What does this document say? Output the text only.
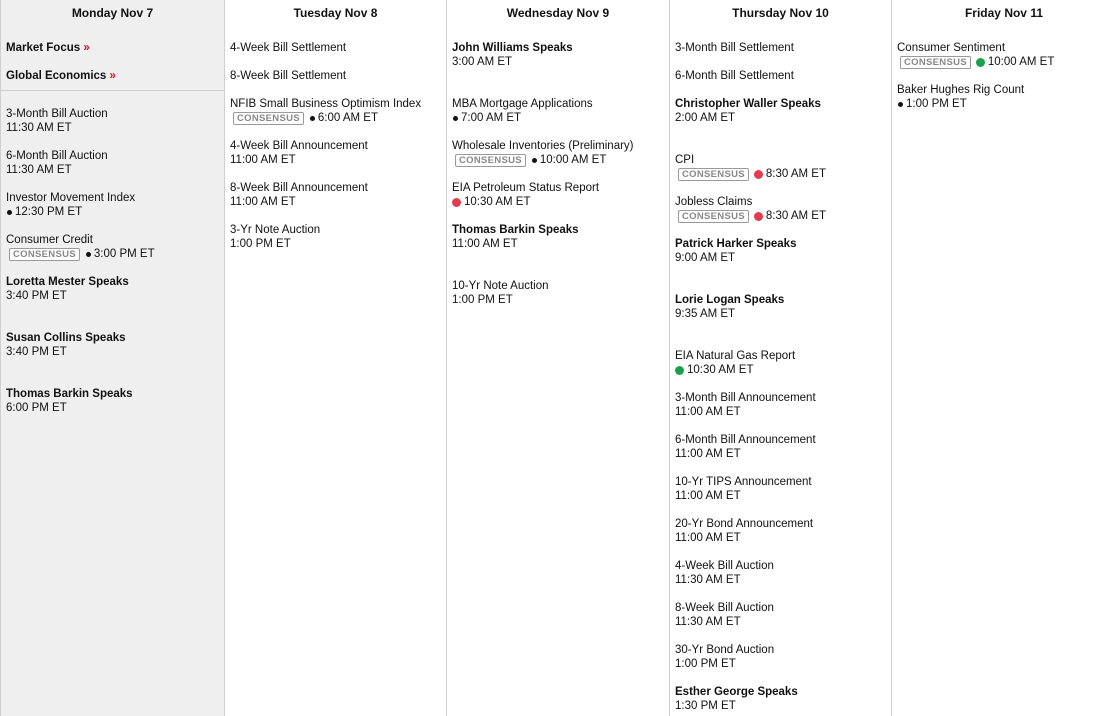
Monday Nov 7
Market Focus »
Global Economics »
3-Month Bill Auction
11:30 AM ET
6-Month Bill Auction
11:30 AM ET
Investor Movement Index
12:30 PM ET
Consumer Credit
CONSENSUS	3:00 PM ET
Loretta Mester Speaks
3:40 PM ET
Susan Collins Speaks
3:40 PM ET
Thomas Barkin Speaks
6:00 PM ET
Tuesday Nov 8
4-Week Bill Settlement
8-Week Bill Settlement
NFIB Small Business Optimism Index
CONSENSUS	6:00 AM ET
4-Week Bill Announcement
11:00 AM ET
8-Week Bill Announcement
11:00 AM ET
3-Yr Note Auction
1:00 PM ET
Wednesday Nov 9
John Williams Speaks
3:00 AM ET
MBA Mortgage Applications
7:00 AM ET
Wholesale Inventories (Preliminary)
CONSENSUS	10:00 AM ET
EIA Petroleum Status Report
10:30 AM ET
Thomas Barkin Speaks
11:00 AM ET
10-Yr Note Auction
1:00 PM ET
Thursday Nov 10
3-Month Bill Settlement
6-Month Bill Settlement
Christopher Waller Speaks
2:00 AM ET
CPI
CONSENSUS	8:30 AM ET
Jobless Claims
CONSENSUS	8:30 AM ET
Patrick Harker Speaks
9:00 AM ET
Lorie Logan Speaks
9:35 AM ET
EIA Natural Gas Report
10:30 AM ET
3-Month Bill Announcement
11:00 AM ET
6-Month Bill Announcement
11:00 AM ET
10-Yr TIPS Announcement
11:00 AM ET
20-Yr Bond Announcement
11:00 AM ET
4-Week Bill Auction
11:30 AM ET
8-Week Bill Auction
11:30 AM ET
30-Yr Bond Auction
1:00 PM ET
Esther George Speaks
1:30 PM ET
Friday Nov 11
Consumer Sentiment
CONSENSUS	10:00 AM ET
Baker Hughes Rig Count
1:00 PM ET
